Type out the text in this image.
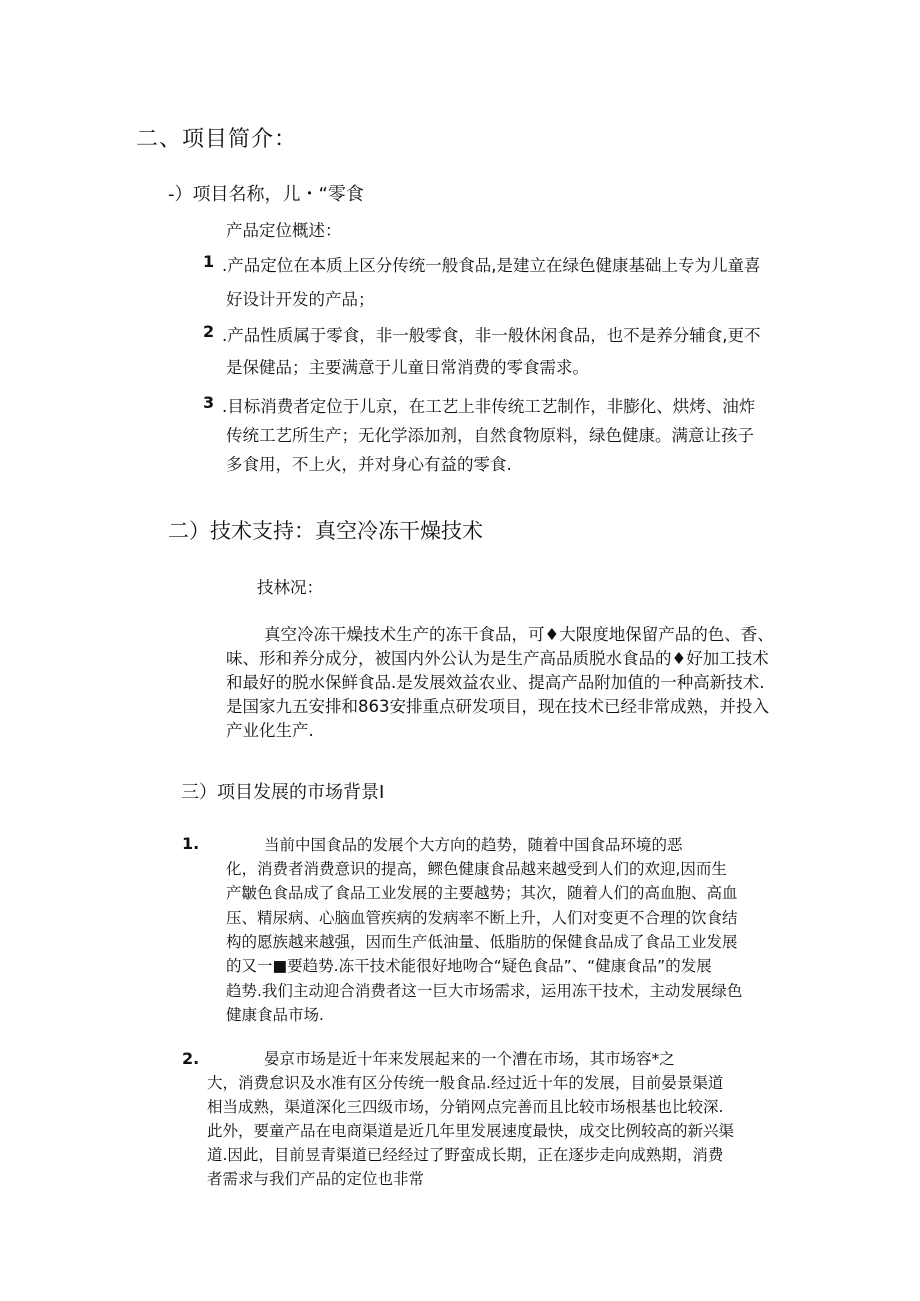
二、项目简介：
-）项目名称，儿・“零食
产品定位概述：
1 .产品定位在本质上区分传统一般食品,是建立在绿色健康基础上专为儿童喜
好设计开发的产品；
2 .产品性质属于零食，非一般零食，非一般休闲食品，也不是养分辅食,更不
是保健品；主要满意于儿童日常消费的零食需求。
3 .目标消费者定位于儿京，在工艺上非传统工艺制作，非膨化、烘烤、油炸
传统工艺所生产；无化学添加剂，自然食物原料，绿色健康。满意让孩子
多食用，不上火，并对身心有益的零食.
二）技术支持：真空冷冻干燥技术
技林况：
真空冷冻干燥技术生产的冻干食品，可♦大限度地保留产品的色、香、
味、形和养分成分，被国内外公认为是生产高品质脱水食品的♦好加工技术
和最好的脱水保鲜食品.是发展效益农业、提高产品附加值的一种高新技术.
是国家九五安排和863安排重点研发项目，现在技术已经非常成熟，并投入
产业化生产.
三）项目发展的市场背景I
1.	当前中国食品的发展个大方向的趋势，随着中国食品环境的恶
化，消费者消费意识的提高，鳏色健康食品越来越受到人们的欢迎,因而生
产皺色食品成了食品工业发展的主要越势；其次，随着人们的高血胞、高血
压、精尿病、心脑血管疾病的发病率不断上升，人们对变更不合理的饮食结
构的愿族越来越强，因而生产低油量、低脂肪的保健食品成了食品工业发展
的又一■要趋势.冻干技术能很好地吻合“疑色食品”、“健康食品”的发展
趋势.我们主动迎合消费者这一巨大市场需求，运用冻干技术，主动发展绿色
健康食品市场.
2.	晏京市场是近十年来发展起来的一个漕在市场，其市场容*之
大，消费怠识及水准有区分传统一般食品.经过近十年的发展，目前晏景渠道
相当成熟，渠道深化三四级市场，分销网点完善而且比较市场根基也比较深.
此外，要童产品在电商渠道是近几年里发展速度最快，成交比例较高的新兴渠
道.因此，目前昱青渠道已经经过了野蛮成长期，正在逐步走向成熟期，消费
者需求与我们产品的定位也非常
